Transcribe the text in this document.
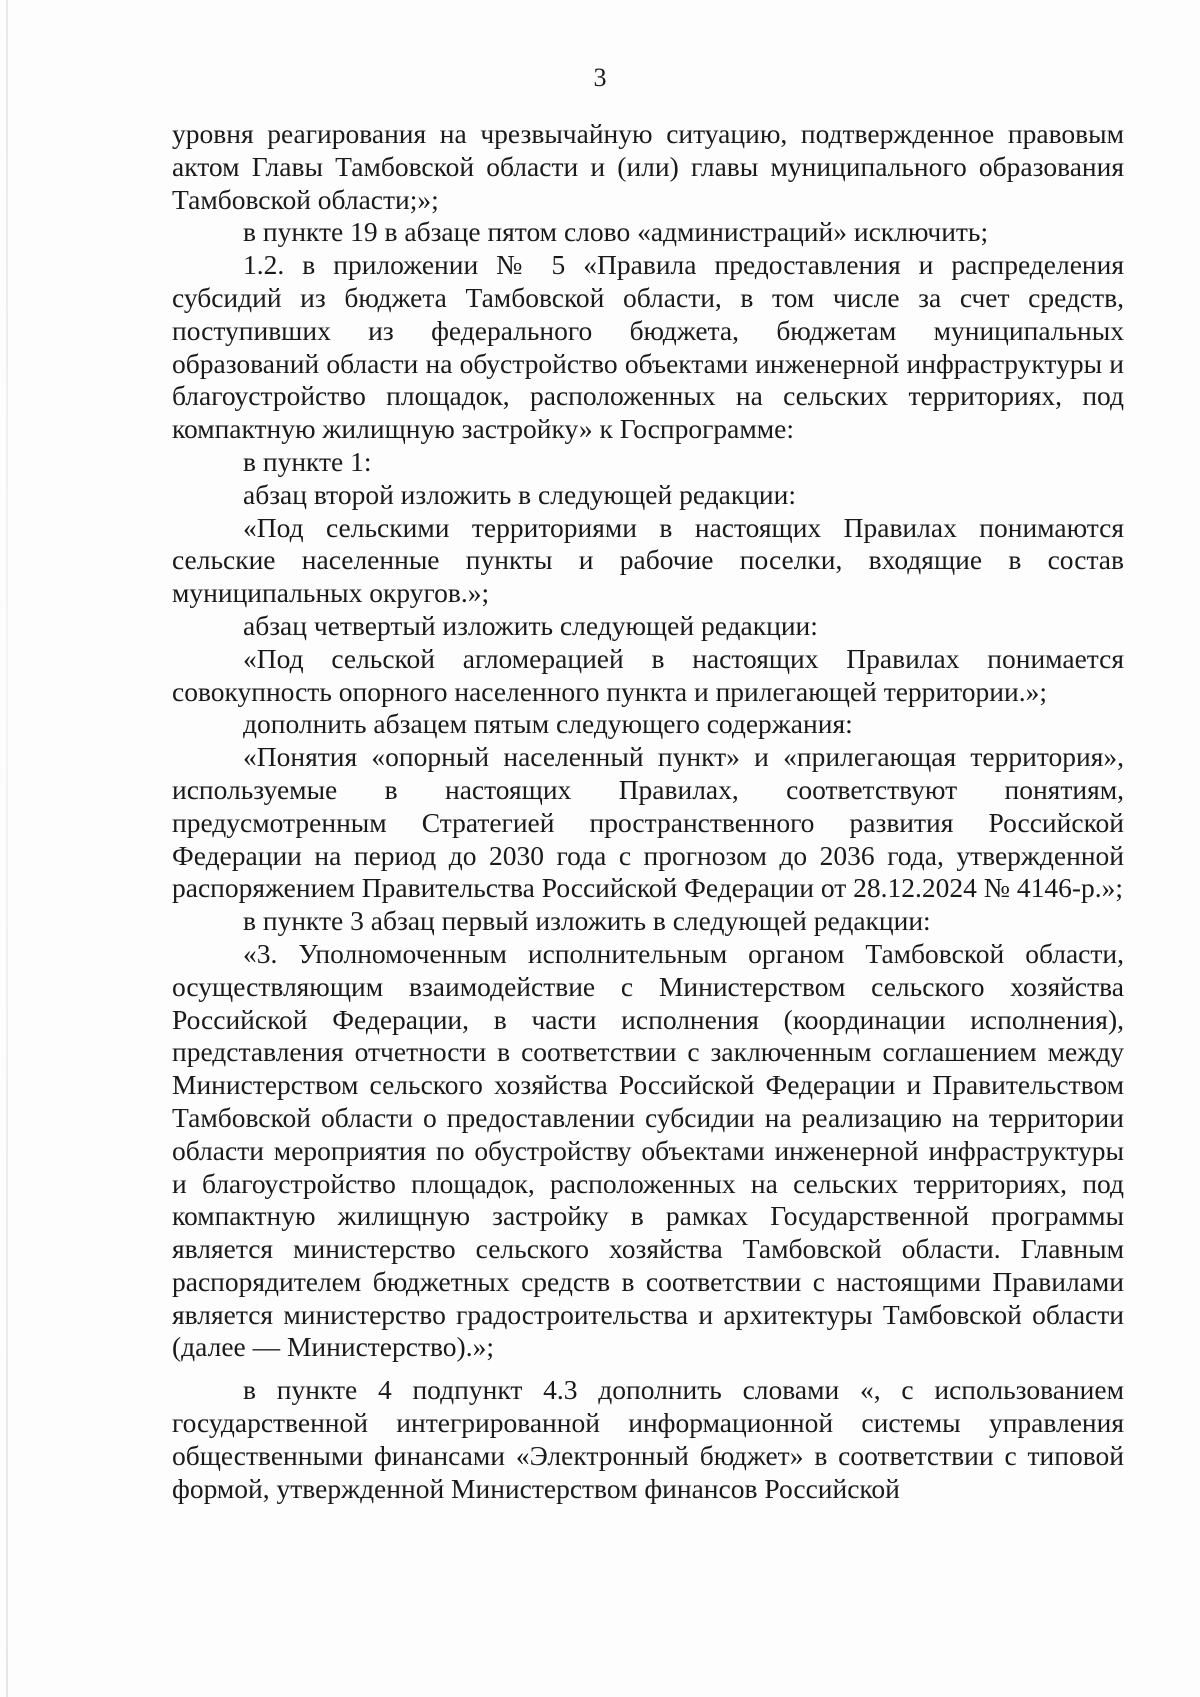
3

уровня реагирования на чрезвычайную ситуацию, подтвержденное правовым актом Главы Тамбовской области и (или) главы муниципального образования Тамбовской области;»;

в пункте 19 в абзаце пятом слово «администраций» исключить;

1.2. в приложении № 5 «Правила предоставления и распределения субсидий из бюджета Тамбовской области, в том числе за счет средств, поступивших из федерального бюджета, бюджетам муниципальных образований области на обустройство объектами инженерной инфраструктуры и благоустройство площадок, расположенных на сельских территориях, под компактную жилищную застройку» к Госпрограмме:

в пункте 1:

абзац второй изложить в следующей редакции:

«Под сельскими территориями в настоящих Правилах понимаются сельские населенные пункты и рабочие поселки, входящие в состав муниципальных округов.»;

абзац четвертый изложить следующей редакции:

«Под сельской агломерацией в настоящих Правилах понимается совокупность опорного населенного пункта и прилегающей территории.»;

дополнить абзацем пятым следующего содержания:

«Понятия «опорный населенный пункт» и «прилегающая территория», используемые в настоящих Правилах, соответствуют понятиям, предусмотренным Стратегией пространственного развития Российской Федерации на период до 2030 года с прогнозом до 2036 года, утвержденной распоряжением Правительства Российской Федерации от 28.12.2024 № 4146-р.»;

в пункте 3 абзац первый изложить в следующей редакции:

«3. Уполномоченным исполнительным органом Тамбовской области, осуществляющим взаимодействие с Министерством сельского хозяйства Российской Федерации, в части исполнения (координации исполнения), представления отчетности в соответствии с заключенным соглашением между Министерством сельского хозяйства Российской Федерации и Правительством Тамбовской области о предоставлении субсидии на реализацию на территории области мероприятия по обустройству объектами инженерной инфраструктуры и благоустройство площадок, расположенных на сельских территориях, под компактную жилищную застройку в рамках Государственной программы является министерство сельского хозяйства Тамбовской области. Главным распорядителем бюджетных средств в соответствии с настоящими Правилами является министерство градостроительства и архитектуры Тамбовской области (далее — Министерство).»;

в пункте 4 подпункт 4.3 дополнить словами «, с использованием государственной интегрированной информационной системы управления общественными финансами «Электронный бюджет» в соответствии с типовой формой, утвержденной Министерством финансов Российской
